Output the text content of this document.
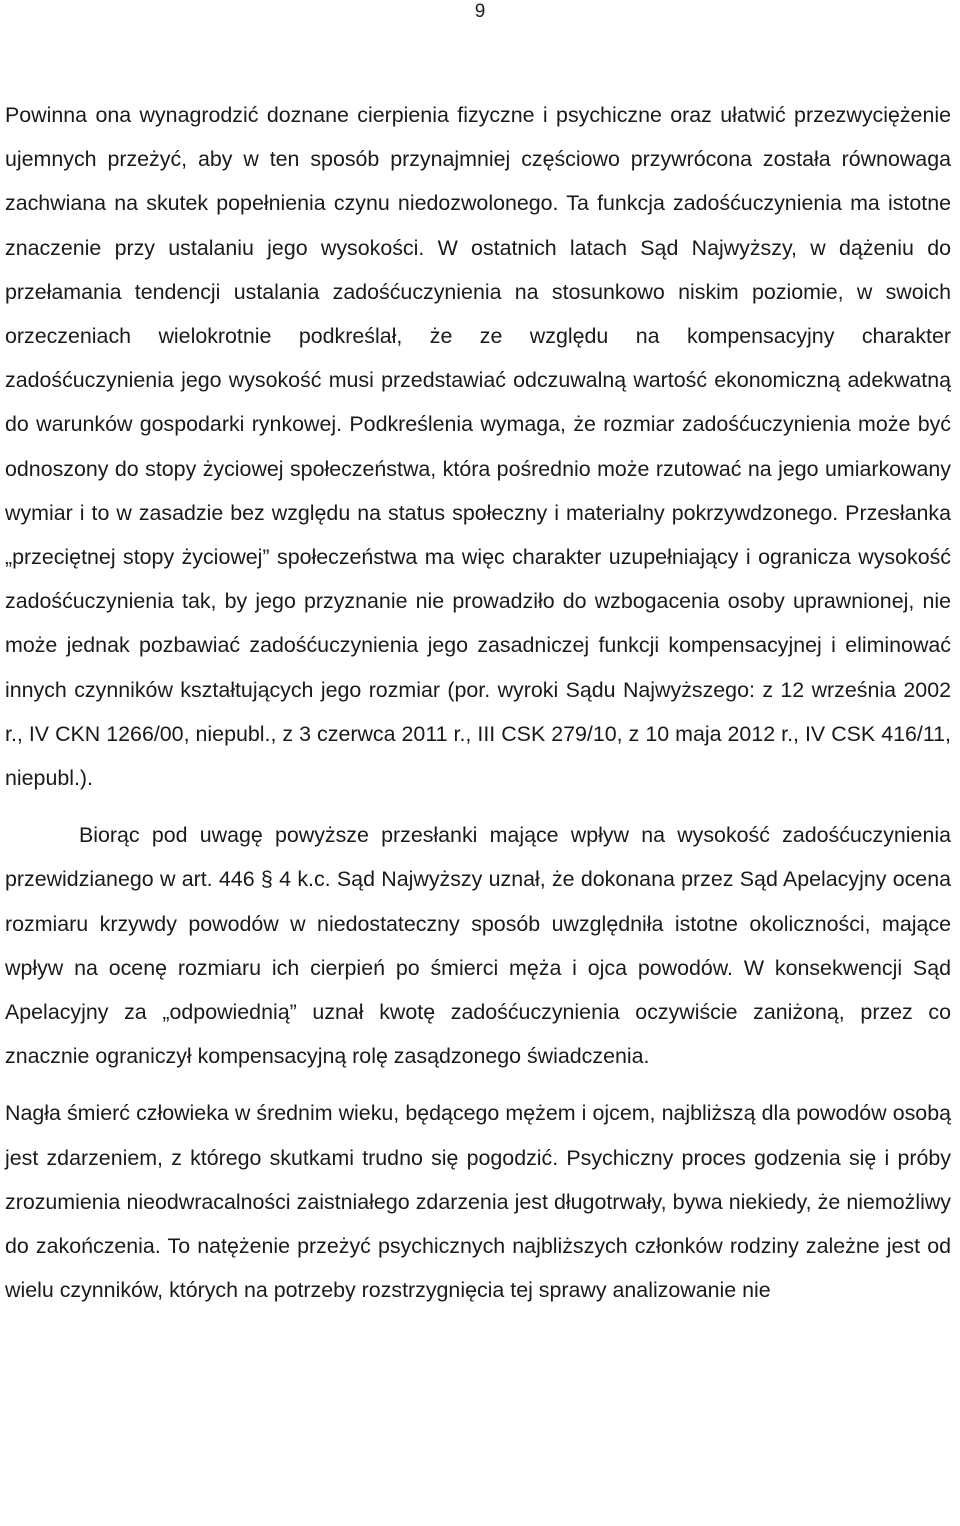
9

Powinna ona wynagrodzić doznane cierpienia fizyczne i psychiczne oraz ułatwić przezwyciężenie ujemnych przeżyć, aby w ten sposób przynajmniej częściowo przywrócona została równowaga zachwiana na skutek popełnienia czynu niedozwolonego. Ta funkcja zadośćuczynienia ma istotne znaczenie przy ustalaniu jego wysokości. W ostatnich latach Sąd Najwyższy, w dążeniu do przełamania tendencji ustalania zadośćuczynienia na stosunkowo niskim poziomie, w swoich orzeczeniach wielokrotnie podkreślał, że ze względu na kompensacyjny charakter zadośćuczynienia jego wysokość musi przedstawiać odczuwalną wartość ekonomiczną adekwatną do warunków gospodarki rynkowej. Podkreślenia wymaga, że rozmiar zadośćuczynienia może być odnoszony do stopy życiowej społeczeństwa, która pośrednio może rzutować na jego umiarkowany wymiar i to w zasadzie bez względu na status społeczny i materialny pokrzywdzonego. Przesłanka „przeciętnej stopy życiowej” społeczeństwa ma więc charakter uzupełniający i ogranicza wysokość zadośćuczynienia tak, by jego przyznanie nie prowadziło do wzbogacenia osoby uprawnionej, nie może jednak pozbawiać zadośćuczynienia jego zasadniczej funkcji kompensacyjnej i eliminować innych czynników kształtujących jego rozmiar (por. wyroki Sądu Najwyższego: z 12 września 2002 r., IV CKN 1266/00, niepubl., z 3 czerwca 2011 r., III CSK 279/10, z 10 maja 2012 r., IV CSK 416/11, niepubl.).

Biorąc pod uwagę powyższe przesłanki mające wpływ na wysokość zadośćuczynienia przewidzianego w art. 446 § 4 k.c. Sąd Najwyższy uznał, że dokonana przez Sąd Apelacyjny ocena rozmiaru krzywdy powodów w niedostateczny sposób uwzględniła istotne okoliczności, mające wpływ na ocenę rozmiaru ich cierpień po śmierci męża i ojca powodów. W konsekwencji Sąd Apelacyjny za „odpowiednią” uznał kwotę zadośćuczynienia oczywiście zaniżoną, przez co znacznie ograniczył kompensacyjną rolę zasądzonego świadczenia.

Nagła śmierć człowieka w średnim wieku, będącego mężem i ojcem, najbliższą dla powodów osobą jest zdarzeniem, z którego skutkami trudno się pogodzić. Psychiczny proces godzenia się i próby zrozumienia nieodwracalności zaistniałego zdarzenia jest długotrwały, bywa niekiedy, że niemożliwy do zakończenia. To natężenie przeżyć psychicznych najbliższych członków rodziny zależne jest od wielu czynników, których na potrzeby rozstrzygnięcia tej sprawy analizowanie nie
